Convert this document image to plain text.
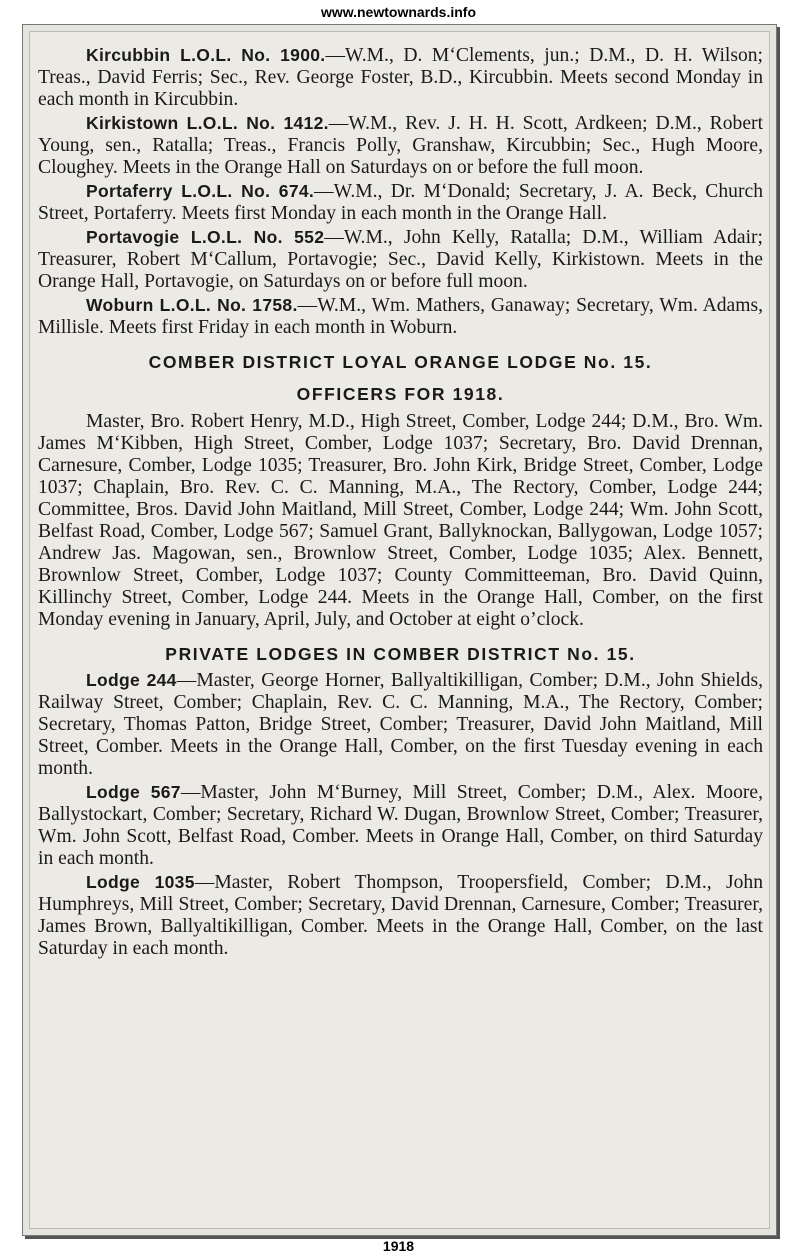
www.newtownards.info

Kircubbin L.O.L. No. 1900.—W.M., D. M‘Clements, jun.; D.M., D. H. Wilson; Treas., David Ferris; Sec., Rev. George Foster, B.D., Kircubbin. Meets second Monday in each month in Kircubbin.

Kirkistown L.O.L. No. 1412.—W.M., Rev. J. H. H. Scott, Ardkeen; D.M., Robert Young, sen., Ratalla; Treas., Francis Polly, Granshaw, Kircubbin; Sec., Hugh Moore, Cloughey. Meets in the Orange Hall on Saturdays on or before the full moon.

Portaferry L.O.L. No. 674.—W.M., Dr. M‘Donald; Secretary, J. A. Beck, Church Street, Portaferry. Meets first Monday in each month in the Orange Hall.

Portavogie L.O.L. No. 552—W.M., John Kelly, Ratalla; D.M., William Adair; Treasurer, Robert M‘Callum, Portavogie; Sec., David Kelly, Kirkistown. Meets in the Orange Hall, Portavogie, on Saturdays on or before full moon.

Woburn L.O.L. No. 1758.—W.M., Wm. Mathers, Ganaway; Secretary, Wm. Adams, Millisle. Meets first Friday in each month in Woburn.

COMBER DISTRICT LOYAL ORANGE LODGE No. 15.
OFFICERS FOR 1918.

Master, Bro. Robert Henry, M.D., High Street, Comber, Lodge 244; D.M., Bro. Wm. James M‘Kibben, High Street, Comber, Lodge 1037; Secretary, Bro. David Drennan, Carnesure, Comber, Lodge 1035; Treasurer, Bro. John Kirk, Bridge Street, Comber, Lodge 1037; Chaplain, Bro. Rev. C. C. Manning, M.A., The Rectory, Comber, Lodge 244; Committee, Bros. David John Maitland, Mill Street, Comber, Lodge 244; Wm. John Scott, Belfast Road, Comber, Lodge 567; Samuel Grant, Ballyknockan, Ballygowan, Lodge 1057; Andrew Jas. Magowan, sen., Brownlow Street, Comber, Lodge 1035; Alex. Bennett, Brownlow Street, Comber, Lodge 1037; County Committeeman, Bro. David Quinn, Killinchy Street, Comber, Lodge 244. Meets in the Orange Hall, Comber, on the first Monday evening in January, April, July, and October at eight o’clock.

PRIVATE LODGES IN COMBER DISTRICT No. 15.

Lodge 244—Master, George Horner, Ballyaltikilligan, Comber; D.M., John Shields, Railway Street, Comber; Chaplain, Rev. C. C. Manning, M.A., The Rectory, Comber; Secretary, Thomas Patton, Bridge Street, Comber; Treasurer, David John Maitland, Mill Street, Comber. Meets in the Orange Hall, Comber, on the first Tuesday evening in each month.

Lodge 567—Master, John M‘Burney, Mill Street, Comber; D.M., Alex. Moore, Ballystockart, Comber; Secretary, Richard W. Dugan, Brownlow Street, Comber; Treasurer, Wm. John Scott, Belfast Road, Comber. Meets in Orange Hall, Comber, on third Saturday in each month.

Lodge 1035—Master, Robert Thompson, Troopersfield, Comber; D.M., John Humphreys, Mill Street, Comber; Secretary, David Drennan, Carnesure, Comber; Treasurer, James Brown, Ballyaltikilligan, Comber. Meets in the Orange Hall, Comber, on the last Saturday in each month.

1918
